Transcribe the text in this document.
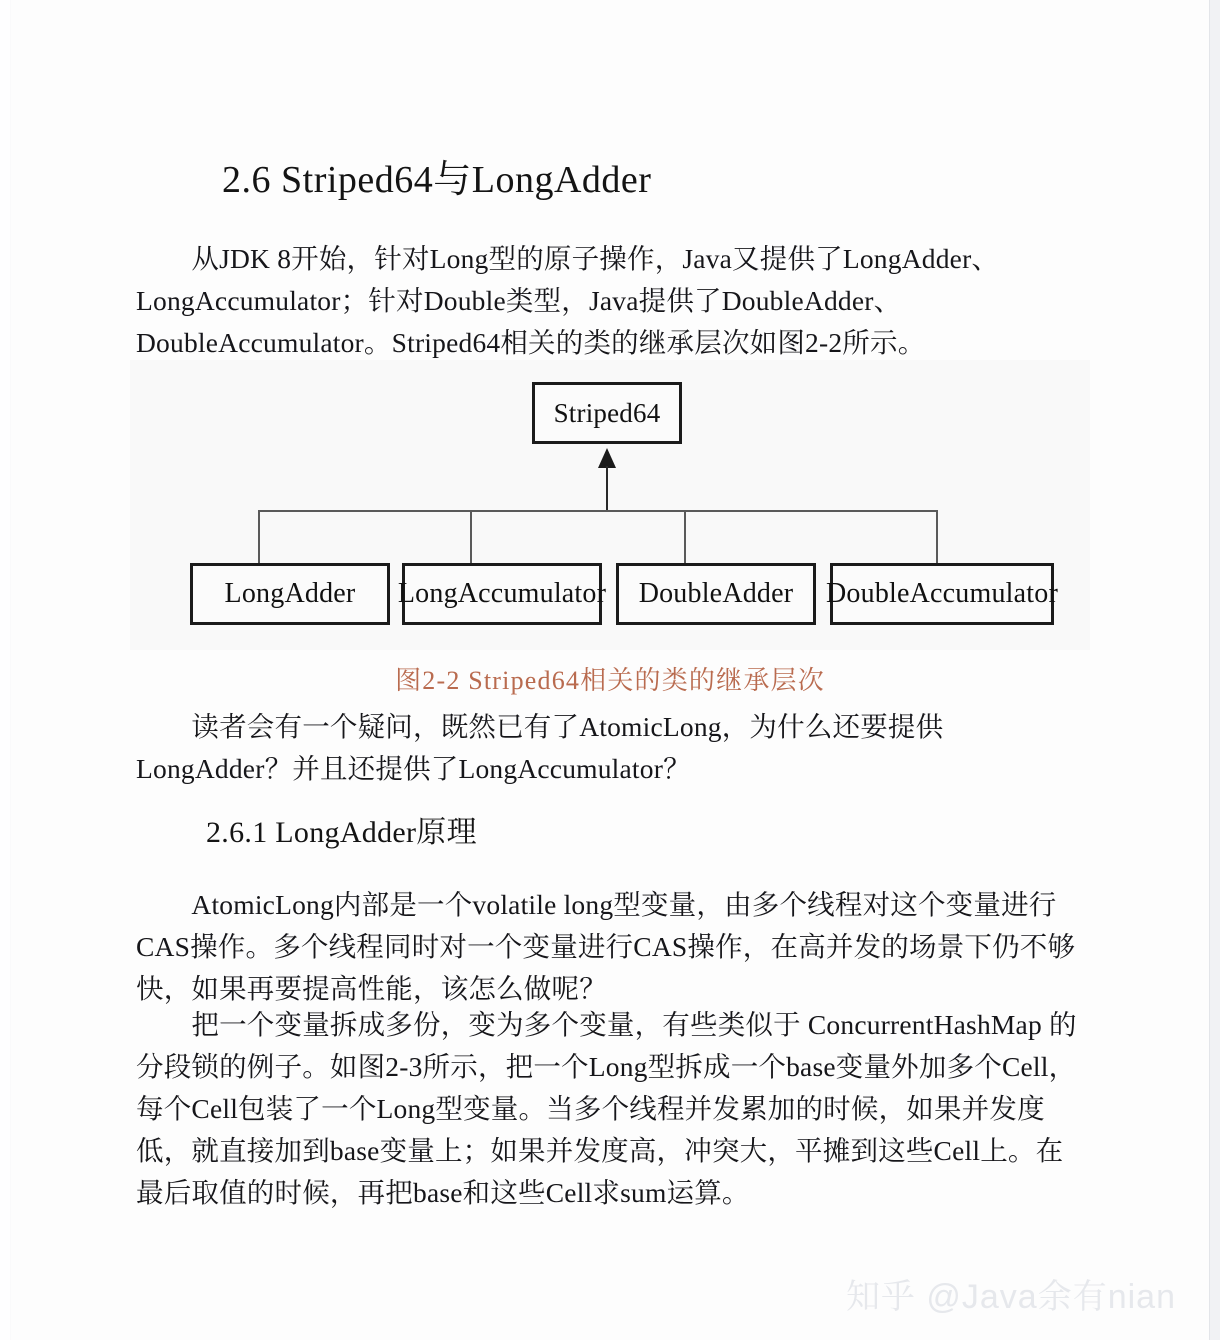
2.6 Striped64与LongAdder
　　从JDK 8开始，针对Long型的原子操作，Java又提供了LongAdder、LongAccumulator；针对Double类型，Java提供了DoubleAdder、DoubleAccumulator。Striped64相关的类的继承层次如图2-2所示。
Striped64
LongAdder	LongAccumulator	DoubleAdder	DoubleAccumulator
图2-2 Striped64相关的类的继承层次
　　读者会有一个疑问，既然已有了AtomicLong，为什么还要提供LongAdder？并且还提供了LongAccumulator？
2.6.1 LongAdder原理
　　AtomicLong内部是一个volatile long型变量，由多个线程对这个变量进行CAS操作。多个线程同时对一个变量进行CAS操作，在高并发的场景下仍不够快，如果再要提高性能，该怎么做呢？
　　把一个变量拆成多份，变为多个变量，有些类似于 ConcurrentHashMap 的分段锁的例子。如图2-3所示，把一个Long型拆成一个base变量外加多个Cell，每个Cell包装了一个Long型变量。当多个线程并发累加的时候，如果并发度低，就直接加到base变量上；如果并发度高，冲突大，平摊到这些Cell上。在最后取值的时候，再把base和这些Cell求sum运算。
知乎 @Java余有nian
